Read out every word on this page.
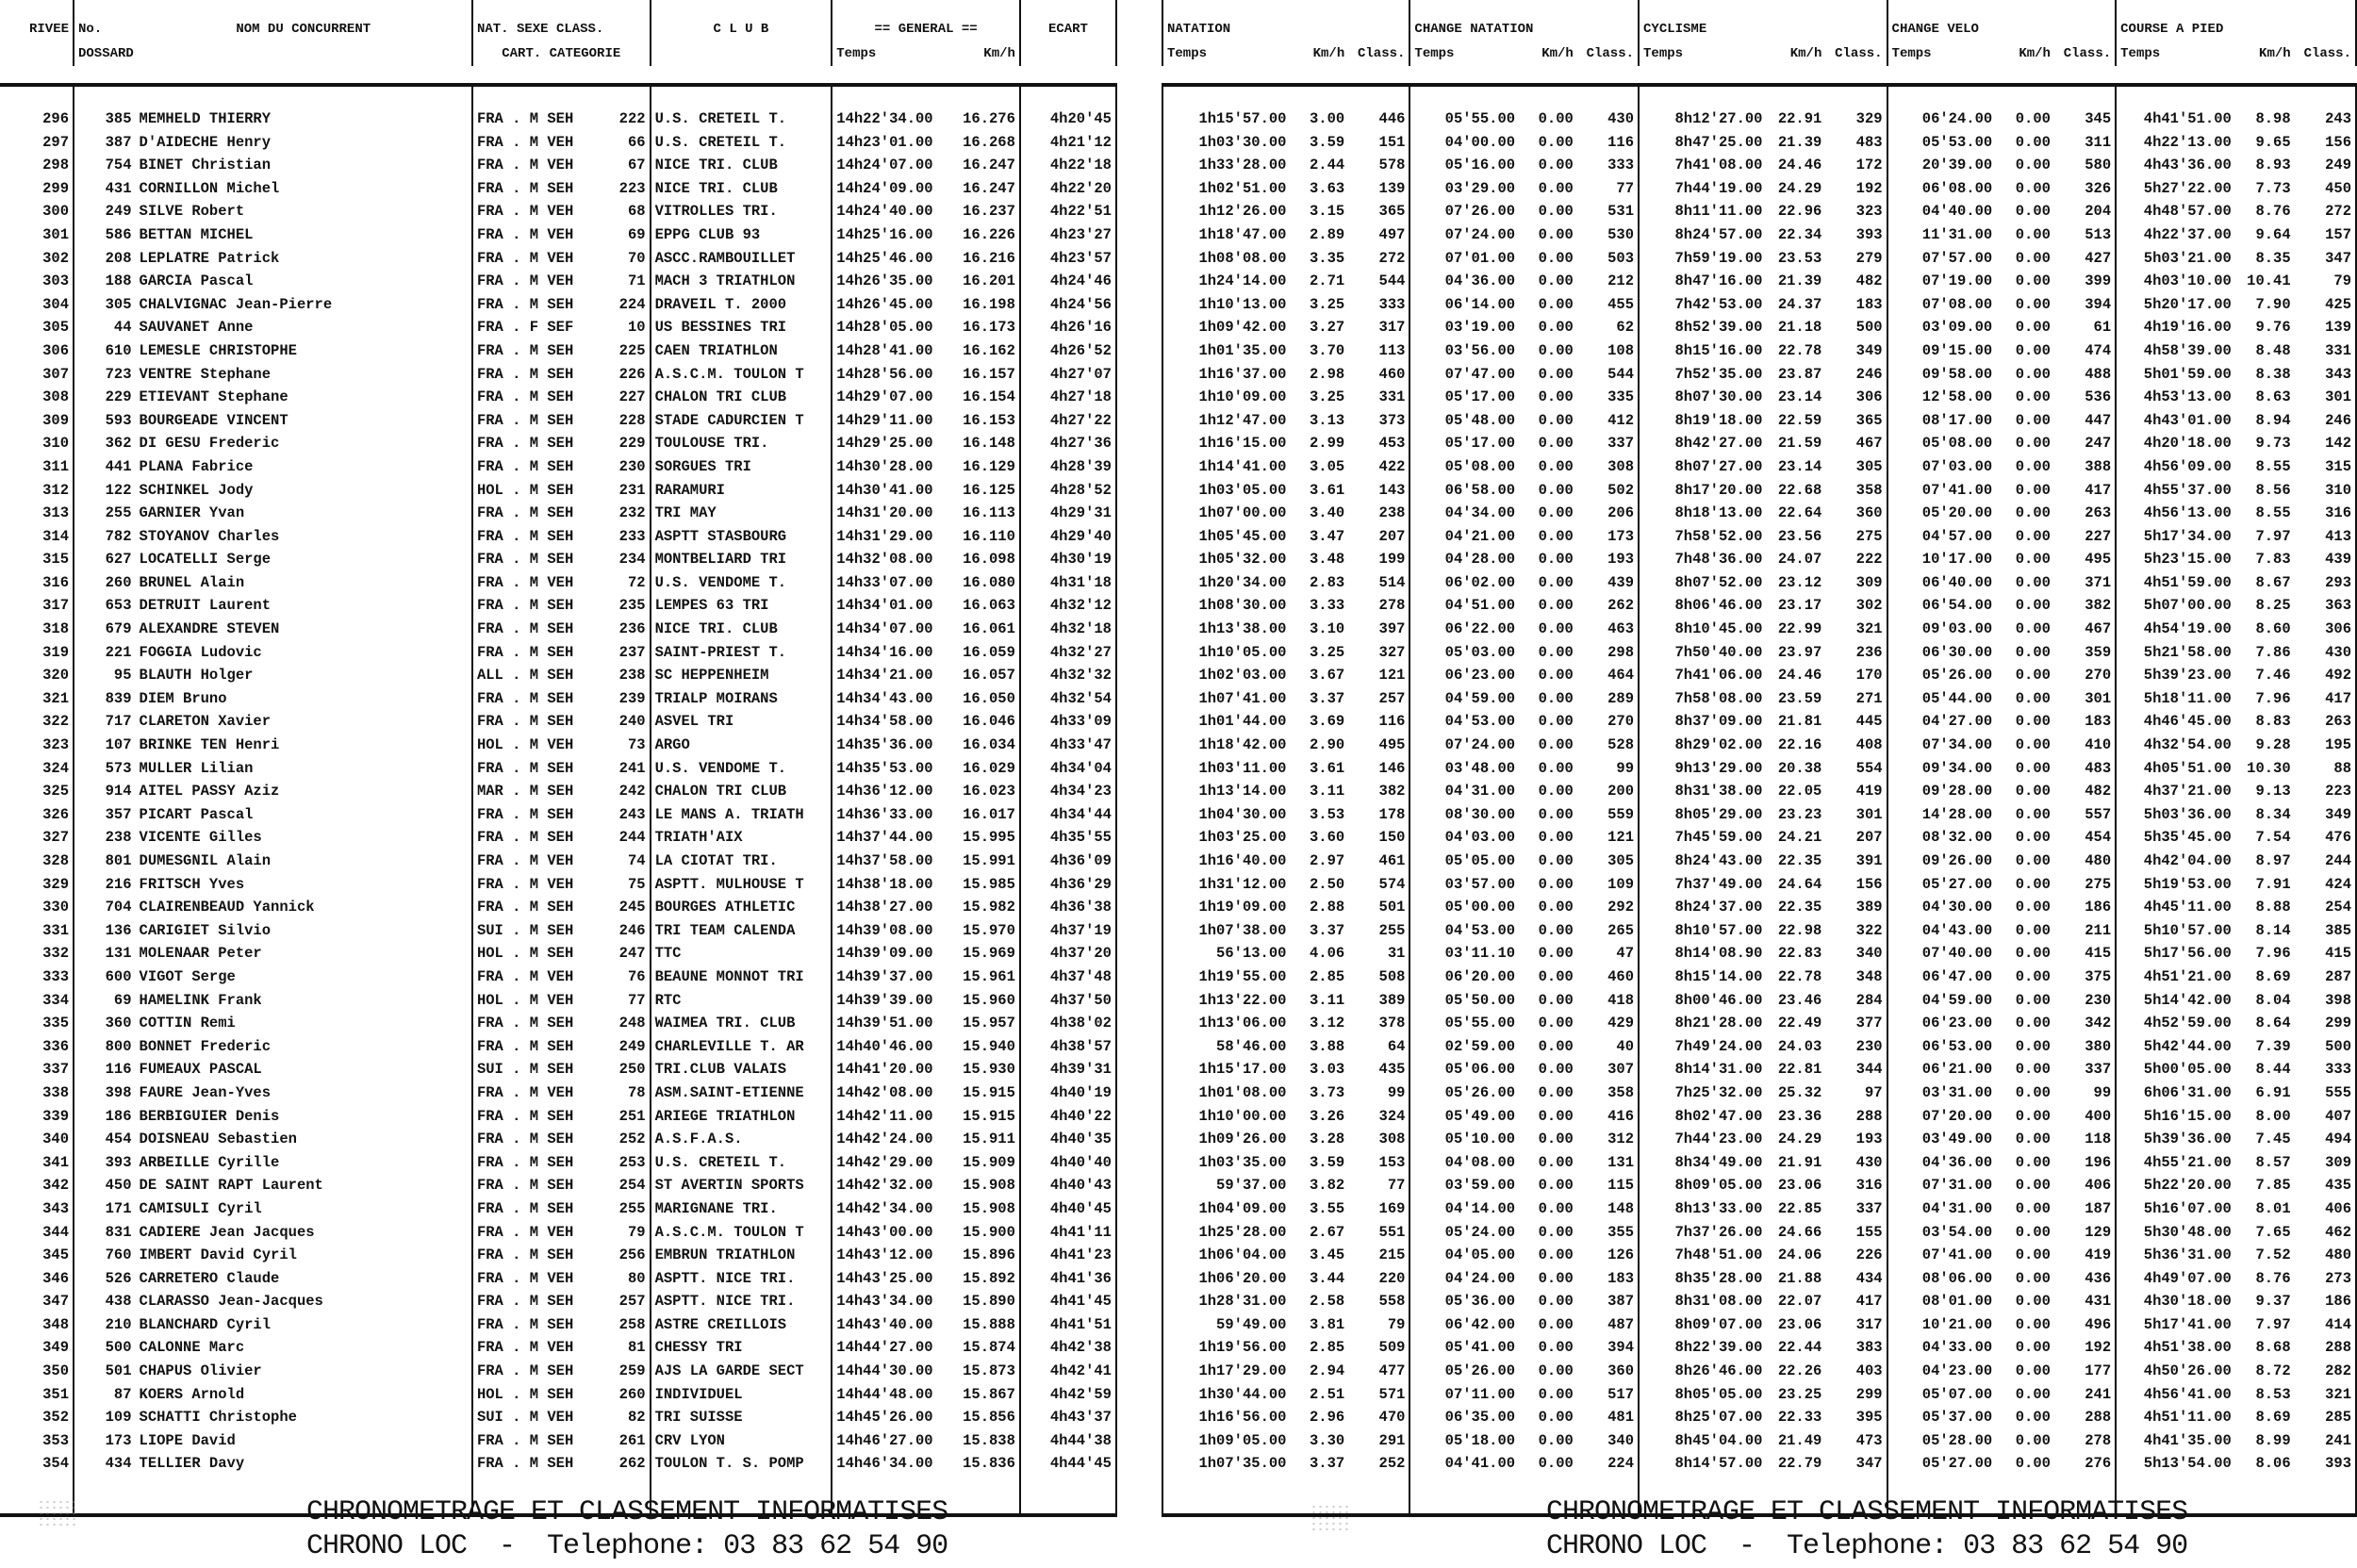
RIVEE	No.	NOM DU CONCURRENT	NAT. SEXE CLASS.	C L U B	== GENERAL ==	ECART
	DOSSARD		CART. CATEGORIE		Temps Km/h	

296	385	MEMHELD THIERRY	FRA . M SEH 222	U.S. CRETEIL T.	14h22'34.00 16.276	4h20'45
297	387	D'AIDECHE Henry	FRA . M VEH 66	U.S. CRETEIL T.	14h23'01.00 16.268	4h21'12
298	754	BINET Christian	FRA . M VEH 67	NICE TRI. CLUB	14h24'07.00 16.247	4h22'18
299	431	CORNILLON Michel	FRA . M SEH 223	NICE TRI. CLUB	14h24'09.00 16.247	4h22'20
300	249	SILVE Robert	FRA . M VEH 68	VITROLLES TRI.	14h24'40.00 16.237	4h22'51
301	586	BETTAN MICHEL	FRA . M VEH 69	EPPG CLUB 93	14h25'16.00 16.226	4h23'27
302	208	LEPLATRE Patrick	FRA . M VEH 70	ASCC.RAMBOUILLET	14h25'46.00 16.216	4h23'57
303	188	GARCIA Pascal	FRA . M VEH 71	MACH 3 TRIATHLON	14h26'35.00 16.201	4h24'46
304	305	CHALVIGNAC Jean-Pierre	FRA . M SEH 224	DRAVEIL T. 2000	14h26'45.00 16.198	4h24'56
305	44	SAUVANET Anne	FRA . F SEF 10	US BESSINES TRI	14h28'05.00 16.173	4h26'16
306	610	LEMESLE CHRISTOPHE	FRA . M SEH 225	CAEN TRIATHLON	14h28'41.00 16.162	4h26'52
307	723	VENTRE Stephane	FRA . M SEH 226	A.S.C.M. TOULON T	14h28'56.00 16.157	4h27'07
308	229	ETIEVANT Stephane	FRA . M SEH 227	CHALON TRI CLUB	14h29'07.00 16.154	4h27'18
309	593	BOURGEADE VINCENT	FRA . M SEH 228	STADE CADURCIEN T	14h29'11.00 16.153	4h27'22
310	362	DI GESU Frederic	FRA . M SEH 229	TOULOUSE TRI.	14h29'25.00 16.148	4h27'36
311	441	PLANA Fabrice	FRA . M SEH 230	SORGUES TRI	14h30'28.00 16.129	4h28'39
312	122	SCHINKEL Jody	HOL . M SEH 231	RARAMURI	14h30'41.00 16.125	4h28'52
313	255	GARNIER Yvan	FRA . M SEH 232	TRI MAY	14h31'20.00 16.113	4h29'31
314	782	STOYANOV Charles	FRA . M SEH 233	ASPTT STASBOURG	14h31'29.00 16.110	4h29'40
315	627	LOCATELLI Serge	FRA . M SEH 234	MONTBELIARD TRI	14h32'08.00 16.098	4h30'19
316	260	BRUNEL Alain	FRA . M VEH 72	U.S. VENDOME T.	14h33'07.00 16.080	4h31'18
317	653	DETRUIT Laurent	FRA . M SEH 235	LEMPES 63 TRI	14h34'01.00 16.063	4h32'12
318	679	ALEXANDRE STEVEN	FRA . M SEH 236	NICE TRI. CLUB	14h34'07.00 16.061	4h32'18
319	221	FOGGIA Ludovic	FRA . M SEH 237	SAINT-PRIEST T.	14h34'16.00 16.059	4h32'27
320	95	BLAUTH Holger	ALL . M SEH 238	SC HEPPENHEIM	14h34'21.00 16.057	4h32'32
321	839	DIEM Bruno	FRA . M SEH 239	TRIALP MOIRANS	14h34'43.00 16.050	4h32'54
322	717	CLARETON Xavier	FRA . M SEH 240	ASVEL TRI	14h34'58.00 16.046	4h33'09
323	107	BRINKE TEN Henri	HOL . M VEH 73	ARGO	14h35'36.00 16.034	4h33'47
324	573	MULLER Lilian	FRA . M SEH 241	U.S. VENDOME T.	14h35'53.00 16.029	4h34'04
325	914	AITEL PASSY Aziz	MAR . M SEH 242	CHALON TRI CLUB	14h36'12.00 16.023	4h34'23
326	357	PICART Pascal	FRA . M SEH 243	LE MANS A. TRIATH	14h36'33.00 16.017	4h34'44
327	238	VICENTE Gilles	FRA . M SEH 244	TRIATH'AIX	14h37'44.00 15.995	4h35'55
328	801	DUMESGNIL Alain	FRA . M VEH 74	LA CIOTAT TRI.	14h37'58.00 15.991	4h36'09
329	216	FRITSCH Yves	FRA . M VEH 75	ASPTT. MULHOUSE T	14h38'18.00 15.985	4h36'29
330	704	CLAIRENBEAUD Yannick	FRA . M SEH 245	BOURGES ATHLETIC	14h38'27.00 15.982	4h36'38
331	136	CARIGIET Silvio	SUI . M SEH 246	TRI TEAM CALENDA	14h39'08.00 15.970	4h37'19
332	131	MOLENAAR Peter	HOL . M SEH 247	TTC	14h39'09.00 15.969	4h37'20
333	600	VIGOT Serge	FRA . M VEH 76	BEAUNE MONNOT TRI	14h39'37.00 15.961	4h37'48
334	69	HAMELINK Frank	HOL . M VEH 77	RTC	14h39'39.00 15.960	4h37'50
335	360	COTTIN Remi	FRA . M SEH 248	WAIMEA TRI. CLUB	14h39'51.00 15.957	4h38'02
336	800	BONNET Frederic	FRA . M SEH 249	CHARLEVILLE T. AR	14h40'46.00 15.940	4h38'57
337	116	FUMEAUX PASCAL	SUI . M SEH 250	TRI.CLUB VALAIS	14h41'20.00 15.930	4h39'31
338	398	FAURE Jean-Yves	FRA . M VEH 78	ASM.SAINT-ETIENNE	14h42'08.00 15.915	4h40'19
339	186	BERBIGUIER Denis	FRA . M SEH 251	ARIEGE TRIATHLON	14h42'11.00 15.915	4h40'22
340	454	DOISNEAU Sebastien	FRA . M SEH 252	A.S.F.A.S.	14h42'24.00 15.911	4h40'35
341	393	ARBEILLE Cyrille	FRA . M SEH 253	U.S. CRETEIL T.	14h42'29.00 15.909	4h40'40
342	450	DE SAINT RAPT Laurent	FRA . M SEH 254	ST AVERTIN SPORTS	14h42'32.00 15.908	4h40'43
343	171	CAMISULI Cyril	FRA . M SEH 255	MARIGNANE TRI.	14h42'34.00 15.908	4h40'45
344	831	CADIERE Jean Jacques	FRA . M VEH 79	A.S.C.M. TOULON T	14h43'00.00 15.900	4h41'11
345	760	IMBERT David Cyril	FRA . M SEH 256	EMBRUN TRIATHLON	14h43'12.00 15.896	4h41'23
346	526	CARRETERO Claude	FRA . M VEH 80	ASPTT. NICE TRI.	14h43'25.00 15.892	4h41'36
347	438	CLARASSO Jean-Jacques	FRA . M SEH 257	ASPTT. NICE TRI.	14h43'34.00 15.890	4h41'45
348	210	BLANCHARD Cyril	FRA . M SEH 258	ASTRE CREILLOIS	14h43'40.00 15.888	4h41'51
349	500	CALONNE Marc	FRA . M VEH 81	CHESSY TRI	14h44'27.00 15.874	4h42'38
350	501	CHAPUS Olivier	FRA . M SEH 259	AJS LA GARDE SECT	14h44'30.00 15.873	4h42'41
351	87	KOERS Arnold	HOL . M SEH 260	INDIVIDUEL	14h44'48.00 15.867	4h42'59
352	109	SCHATTI Christophe	SUI . M VEH 82	TRI SUISSE	14h45'26.00 15.856	4h43'37
353	173	LIOPE David	FRA . M SEH 261	CRV LYON	14h46'27.00 15.838	4h44'38
354	434	TELLIER Davy	FRA . M SEH 262	TOULON T. S. POMP	14h46'34.00 15.836	4h44'45

NATATION			CHANGE NATATION			CYCLISME			CHANGE VELO			COURSE A PIED		
Temps	Km/h	Class.	Temps	Km/h	Class.	Temps	Km/h	Class.	Temps	Km/h	Class.	Temps	Km/h	Class.

1h15'57.00	3.00	446	05'55.00	0.00	430	8h12'27.00	22.91	329	06'24.00	0.00	345	4h41'51.00	8.98	243
1h03'30.00	3.59	151	04'00.00	0.00	116	8h47'25.00	21.39	483	05'53.00	0.00	311	4h22'13.00	9.65	156
1h33'28.00	2.44	578	05'16.00	0.00	333	7h41'08.00	24.46	172	20'39.00	0.00	580	4h43'36.00	8.93	249
1h02'51.00	3.63	139	03'29.00	0.00	77	7h44'19.00	24.29	192	06'08.00	0.00	326	5h27'22.00	7.73	450
1h12'26.00	3.15	365	07'26.00	0.00	531	8h11'11.00	22.96	323	04'40.00	0.00	204	4h48'57.00	8.76	272
1h18'47.00	2.89	497	07'24.00	0.00	530	8h24'57.00	22.34	393	11'31.00	0.00	513	4h22'37.00	9.64	157
1h08'08.00	3.35	272	07'01.00	0.00	503	7h59'19.00	23.53	279	07'57.00	0.00	427	5h03'21.00	8.35	347
1h24'14.00	2.71	544	04'36.00	0.00	212	8h47'16.00	21.39	482	07'19.00	0.00	399	4h03'10.00	10.41	79
1h10'13.00	3.25	333	06'14.00	0.00	455	7h42'53.00	24.37	183	07'08.00	0.00	394	5h20'17.00	7.90	425
1h09'42.00	3.27	317	03'19.00	0.00	62	8h52'39.00	21.18	500	03'09.00	0.00	61	4h19'16.00	9.76	139
1h01'35.00	3.70	113	03'56.00	0.00	108	8h15'16.00	22.78	349	09'15.00	0.00	474	4h58'39.00	8.48	331
1h16'37.00	2.98	460	07'47.00	0.00	544	7h52'35.00	23.87	246	09'58.00	0.00	488	5h01'59.00	8.38	343
1h10'09.00	3.25	331	05'17.00	0.00	335	8h07'30.00	23.14	306	12'58.00	0.00	536	4h53'13.00	8.63	301
1h12'47.00	3.13	373	05'48.00	0.00	412	8h19'18.00	22.59	365	08'17.00	0.00	447	4h43'01.00	8.94	246
1h16'15.00	2.99	453	05'17.00	0.00	337	8h42'27.00	21.59	467	05'08.00	0.00	247	4h20'18.00	9.73	142
1h14'41.00	3.05	422	05'08.00	0.00	308	8h07'27.00	23.14	305	07'03.00	0.00	388	4h56'09.00	8.55	315
1h03'05.00	3.61	143	06'58.00	0.00	502	8h17'20.00	22.68	358	07'41.00	0.00	417	4h55'37.00	8.56	310
1h07'00.00	3.40	238	04'34.00	0.00	206	8h18'13.00	22.64	360	05'20.00	0.00	263	4h56'13.00	8.55	316
1h05'45.00	3.47	207	04'21.00	0.00	173	7h58'52.00	23.56	275	04'57.00	0.00	227	5h17'34.00	7.97	413
1h05'32.00	3.48	199	04'28.00	0.00	193	7h48'36.00	24.07	222	10'17.00	0.00	495	5h23'15.00	7.83	439
1h20'34.00	2.83	514	06'02.00	0.00	439	8h07'52.00	23.12	309	06'40.00	0.00	371	4h51'59.00	8.67	293
1h08'30.00	3.33	278	04'51.00	0.00	262	8h06'46.00	23.17	302	06'54.00	0.00	382	5h07'00.00	8.25	363
1h13'38.00	3.10	397	06'22.00	0.00	463	8h10'45.00	22.99	321	09'03.00	0.00	467	4h54'19.00	8.60	306
1h10'05.00	3.25	327	05'03.00	0.00	298	7h50'40.00	23.97	236	06'30.00	0.00	359	5h21'58.00	7.86	430
1h02'03.00	3.67	121	06'23.00	0.00	464	7h41'06.00	24.46	170	05'26.00	0.00	270	5h39'23.00	7.46	492
1h07'41.00	3.37	257	04'59.00	0.00	289	7h58'08.00	23.59	271	05'44.00	0.00	301	5h18'11.00	7.96	417
1h01'44.00	3.69	116	04'53.00	0.00	270	8h37'09.00	21.81	445	04'27.00	0.00	183	4h46'45.00	8.83	263
1h18'42.00	2.90	495	07'24.00	0.00	528	8h29'02.00	22.16	408	07'34.00	0.00	410	4h32'54.00	9.28	195
1h03'11.00	3.61	146	03'48.00	0.00	99	9h13'29.00	20.38	554	09'34.00	0.00	483	4h05'51.00	10.30	88
1h13'14.00	3.11	382	04'31.00	0.00	200	8h31'38.00	22.05	419	09'28.00	0.00	482	4h37'21.00	9.13	223
1h04'30.00	3.53	178	08'30.00	0.00	559	8h05'29.00	23.23	301	14'28.00	0.00	557	5h03'36.00	8.34	349
1h03'25.00	3.60	150	04'03.00	0.00	121	7h45'59.00	24.21	207	08'32.00	0.00	454	5h35'45.00	7.54	476
1h16'40.00	2.97	461	05'05.00	0.00	305	8h24'43.00	22.35	391	09'26.00	0.00	480	4h42'04.00	8.97	244
1h31'12.00	2.50	574	03'57.00	0.00	109	7h37'49.00	24.64	156	05'27.00	0.00	275	5h19'53.00	7.91	424
1h19'09.00	2.88	501	05'00.00	0.00	292	8h24'37.00	22.35	389	04'30.00	0.00	186	4h45'11.00	8.88	254
1h07'38.00	3.37	255	04'53.00	0.00	265	8h10'57.00	22.98	322	04'43.00	0.00	211	5h10'57.00	8.14	385
56'13.00	4.06	31	03'11.10	0.00	47	8h14'08.90	22.83	340	07'40.00	0.00	415	5h17'56.00	7.96	415
1h19'55.00	2.85	508	06'20.00	0.00	460	8h15'14.00	22.78	348	06'47.00	0.00	375	4h51'21.00	8.69	287
1h13'22.00	3.11	389	05'50.00	0.00	418	8h00'46.00	23.46	284	04'59.00	0.00	230	5h14'42.00	8.04	398
1h13'06.00	3.12	378	05'55.00	0.00	429	8h21'28.00	22.49	377	06'23.00	0.00	342	4h52'59.00	8.64	299
58'46.00	3.88	64	02'59.00	0.00	40	7h49'24.00	24.03	230	06'53.00	0.00	380	5h42'44.00	7.39	500
1h15'17.00	3.03	435	05'06.00	0.00	307	8h14'31.00	22.81	344	06'21.00	0.00	337	5h00'05.00	8.44	333
1h01'08.00	3.73	99	05'26.00	0.00	358	7h25'32.00	25.32	97	03'31.00	0.00	99	6h06'31.00	6.91	555
1h10'00.00	3.26	324	05'49.00	0.00	416	8h02'47.00	23.36	288	07'20.00	0.00	400	5h16'15.00	8.00	407
1h09'26.00	3.28	308	05'10.00	0.00	312	7h44'23.00	24.29	193	03'49.00	0.00	118	5h39'36.00	7.45	494
1h03'35.00	3.59	153	04'08.00	0.00	131	8h34'49.00	21.91	430	04'36.00	0.00	196	4h55'21.00	8.57	309
59'37.00	3.82	77	03'59.00	0.00	115	8h09'05.00	23.06	316	07'31.00	0.00	406	5h22'20.00	7.85	435
1h04'09.00	3.55	169	04'14.00	0.00	148	8h13'33.00	22.85	337	04'31.00	0.00	187	5h16'07.00	8.01	406
1h25'28.00	2.67	551	05'24.00	0.00	355	7h37'26.00	24.66	155	03'54.00	0.00	129	5h30'48.00	7.65	462
1h06'04.00	3.45	215	04'05.00	0.00	126	7h48'51.00	24.06	226	07'41.00	0.00	419	5h36'31.00	7.52	480
1h06'20.00	3.44	220	04'24.00	0.00	183	8h35'28.00	21.88	434	08'06.00	0.00	436	4h49'07.00	8.76	273
1h28'31.00	2.58	558	05'36.00	0.00	387	8h31'08.00	22.07	417	08'01.00	0.00	431	4h30'18.00	9.37	186
59'49.00	3.81	79	06'42.00	0.00	487	8h09'07.00	23.06	317	10'21.00	0.00	496	5h17'41.00	7.97	414
1h19'56.00	2.85	509	05'41.00	0.00	394	8h22'39.00	22.44	383	04'33.00	0.00	192	4h51'38.00	8.68	288
1h17'29.00	2.94	477	05'26.00	0.00	360	8h26'46.00	22.26	403	04'23.00	0.00	177	4h50'26.00	8.72	282
1h30'44.00	2.51	571	07'11.00	0.00	517	8h05'05.00	23.25	299	05'07.00	0.00	241	4h56'41.00	8.53	321
1h16'56.00	2.96	470	06'35.00	0.00	481	8h25'07.00	22.33	395	05'37.00	0.00	288	4h51'11.00	8.69	285
1h09'05.00	3.30	291	05'18.00	0.00	340	8h45'04.00	21.49	473	05'28.00	0.00	278	4h41'35.00	8.99	241
1h07'35.00	3.37	252	04'41.00	0.00	224	8h14'57.00	22.79	347	05'27.00	0.00	276	5h13'54.00	8.06	393

CHRONOMETRAGE ET CLASSEMENT INFORMATISES
CHRONO LOC  -  Telephone: 03 83 62 54 90
CHRONOMETRAGE ET CLASSEMENT INFORMATISES
CHRONO LOC  -  Telephone: 03 83 62 54 90
